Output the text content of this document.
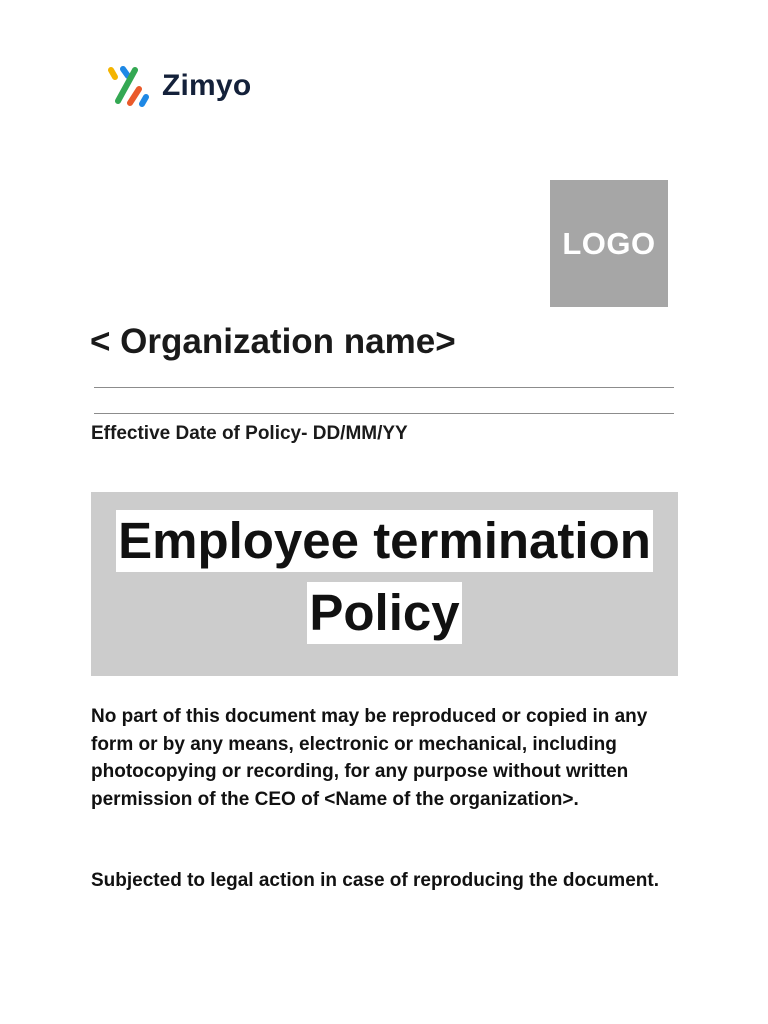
Zimyo
LOGO
< Organization name>
Effective Date of Policy- DD/MM/YY
Employee termination
Policy

No part of this document may be reproduced or copied in any form or by any means, electronic or mechanical, including photocopying or recording, for any purpose without written permission of the CEO of <Name of the organization>.

Subjected to legal action in case of reproducing the document.
